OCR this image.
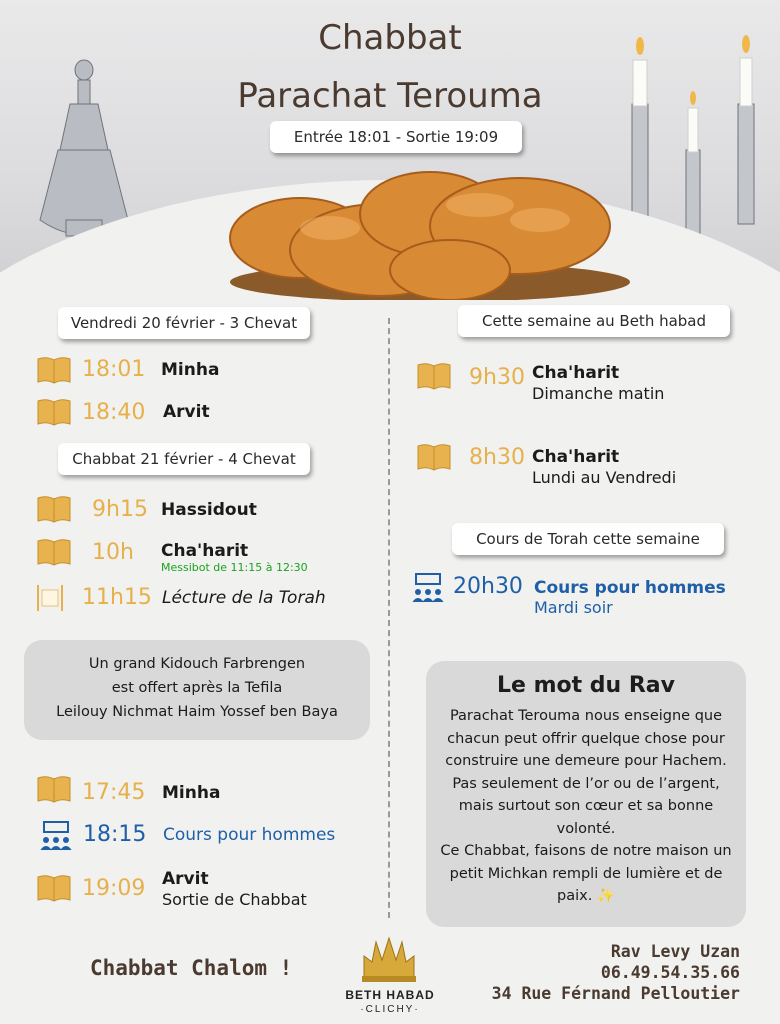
Chabbat
Parachat Terouma
Entrée 18:01 - Sortie 19:09
Vendredi 20 février - 3 Chevat
18:01 Minha
18:40 Arvit
Chabbat 21 février - 4 Chevat
9h15 Hassidout
10h Cha'harit
Messibot de 11:15 à 12:30
11h15 Lécture de la Torah
Un grand Kidouch Farbrengen
est offert après la Tefila
Leilouy Nichmat Haim Yossef ben Baya
17:45 Minha
18:15 Cours pour hommes
19:09 Arvit
Sortie de Chabbat
Cette semaine au Beth habad
9h30 Cha'harit
Dimanche matin
8h30 Cha'harit
Lundi au Vendredi
Cours de Torah cette semaine
20h30 Cours pour hommes
Mardi soir
Le mot du Rav
Parachat Terouma nous enseigne que
chacun peut offrir quelque chose pour
construire une demeure pour Hachem.
Pas seulement de l’or ou de l’argent,
mais surtout son cœur et sa bonne
volonté.
Ce Chabbat, faisons de notre maison un
petit Michkan rempli de lumière et de
paix. ✨
Chabbat Chalom !
BETH HABAD
·CLICHY·
Rav Levy Uzan
06.49.54.35.66
34 Rue Férnand Pelloutier
